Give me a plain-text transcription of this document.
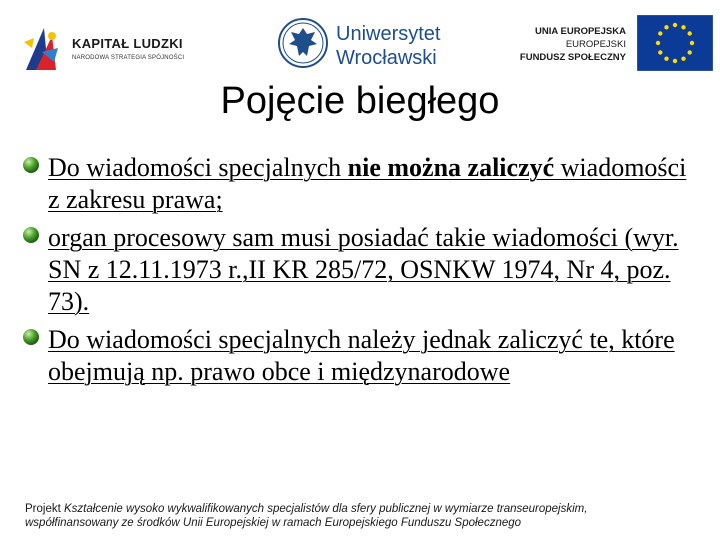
KAPITAŁ LUDZKI
NARODOWA STRATEGIA SPÓJNOŚCI
Uniwersytet
Wrocławski
UNIA EUROPEJSKA
EUROPEJSKI
FUNDUSZ SPOŁECZNY
Pojęcie biegłego
Do wiadomości specjalnych nie można zaliczyć wiadomości z zakresu prawa;
organ procesowy sam musi posiadać takie wiadomości (wyr. SN z 12.11.1973 r.,II KR 285/72, OSNKW 1974, Nr 4, poz. 73).
Do wiadomości specjalnych należy jednak zaliczyć te, które obejmują np. prawo obce i międzynarodowe
Projekt Kształcenie wysoko wykwalifikowanych specjalistów dla sfery publicznej w wymiarze transeuropejskim,
współfinansowany ze środków Unii Europejskiej w ramach Europejskiego Funduszu Społecznego
